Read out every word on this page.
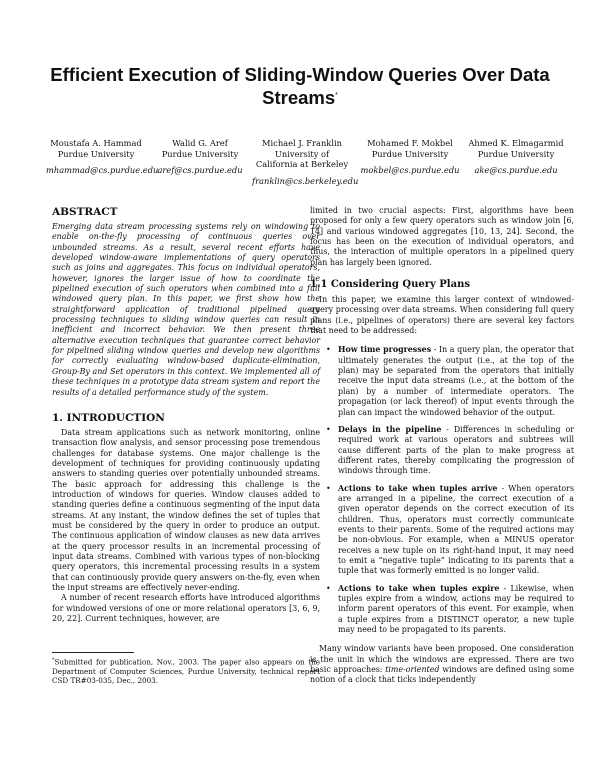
Efficient Execution of Sliding-Window Queries Over Data
Streams*
Moustafa A. Hammad
Purdue University
mhammad@cs.purdue.edu
Walid G. Aref
Purdue University
aref@cs.purdue.edu
Michael J. Franklin
University of
California at Berkeley
franklin@cs.berkeley.edu
Mohamed F. Mokbel
Purdue University
mokbel@cs.purdue.edu
Ahmed K. Elmagarmid
Purdue University
ake@cs.purdue.edu
ABSTRACT

Emerging data stream processing systems rely on windowing to enable on-the-fly processing of continuous queries over unbounded streams. As a result, several recent efforts have developed window-aware implementations of query operators such as joins and aggregates. This focus on individual operators, however, ignores the larger issue of how to coordinate the pipelined execution of such operators when combined into a full windowed query plan. In this paper, we first show how the straightforward application of traditional pipelined query processing techniques to sliding window queries can result in inefficient and incorrect behavior. We then present three alternative execution techniques that guarantee correct behavior for pipelined sliding window queries and develop new algorithms for correctly evaluating window-based duplicate-elimination, Group-By and Set operators in this context. We implemented all of these techniques in a prototype data stream system and report the results of a detailed performance study of the system.

1. INTRODUCTION

Data stream applications such as network monitoring, online transaction flow analysis, and sensor processing pose tremendous challenges for database systems. One major challenge is the development of techniques for providing continuously updating answers to standing queries over potentially unbounded streams. The basic approach for addressing this challenge is the introduction of windows for queries. Window clauses added to standing queries define a continuous segmenting of the input data streams. At any instant, the window defines the set of tuples that must be considered by the query in order to produce an output. The continuous application of window clauses as new data arrives at the query processor results in an incremental processing of input data streams. Combined with various types of non-blocking query operators, this incremental processing results in a system that can continuously provide query answers on-the-fly, even when the input streams are effectively never-ending.

A number of recent research efforts have introduced algorithms for windowed versions of one or more relational operators [3, 6, 9, 20, 22]. Current techniques, however, are

*Submitted for publication, Nov., 2003. The paper also appears on the Department of Computer Sciences, Purdue University, technical report CSD TR#03-035, Dec., 2003.

limited in two crucial aspects: First, algorithms have been proposed for only a few query operators such as window join [6, 14] and various windowed aggregates [10, 13, 24]. Second, the focus has been on the execution of individual operators, and thus, the interaction of multiple operators in a pipelined query plan has largely been ignored.

1.1 Considering Query Plans

In this paper, we examine this larger context of windowed-query processing over data streams. When considering full query plans (i.e., pipelines of operators) there are several key factors that need to be addressed:

• How time progresses - In a query plan, the operator that ultimately generates the output (i.e., at the top of the plan) may be separated from the operators that initially receive the input data streams (i.e., at the bottom of the plan) by a number of intermediate operators. The propagation (or lack thereof) of input events through the plan can impact the windowed behavior of the output.
• Delays in the pipeline - Differences in scheduling or required work at various operators and subtrees will cause different parts of the plan to make progress at different rates, thereby complicating the progression of windows through time.
• Actions to take when tuples arrive - When operators are arranged in a pipeline, the correct execution of a given operator depends on the correct execution of its children. Thus, operators must correctly communicate events to their parents. Some of the required actions may be non-obvious. For example, when a MINUS operator receives a new tuple on its right-hand input, it may need to emit a “negative tuple” indicating to its parents that a tuple that was formerly emitted is no longer valid.
• Actions to take when tuples expire - Likewise, when tuples expire from a window, actions may be required to inform parent operators of this event. For example, when a tuple expires from a DISTINCT operator, a new tuple may need to be propagated to its parents.

Many window variants have been proposed. One consideration is the unit in which the windows are expressed. There are two basic approaches: time-oriented windows are defined using some notion of a clock that ticks independently
